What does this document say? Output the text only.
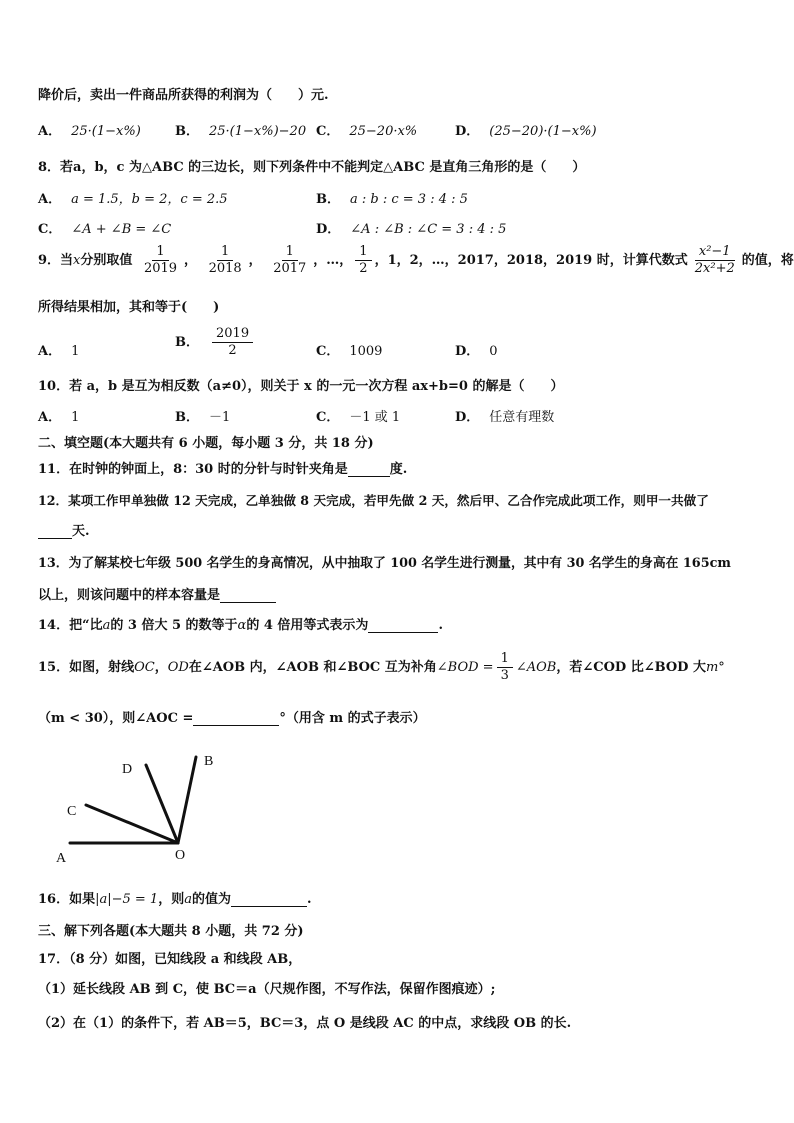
降价后，卖出一件商品所获得的利润为（　　）元.
A． 25·(1−x%)	B． 25·(1−x%)−20 C． 25−20·x%	D． (25−20)·(1−x%)
8．若a，b，c 为△ABC 的三边长，则下列条件中不能判定△ABC 是直角三角形的是（　　）
A． a = 1.5，b = 2，c = 2.5	B． a : b : c = 3 : 4 : 5
C． ∠A + ∠B = ∠C	D． ∠A : ∠B : ∠C = 3 : 4 : 5
9．当x分别取值 $\frac{1}{2019}$ ， $\frac{1}{2018}$ ， $\frac{1}{2017}$ ，…， $\frac{1}{2}$ ，1，2，…，2017，2018，2019 时，计算代数式 $\frac{\text{x²−1}}{\text{2x²+2}}$ 的值，将
所得结果相加，其和等于(　　)
A． 1
B． $\frac{2019}{2}$	C． 1009	D． 0
10．若 a，b 是互为相反数（a≠0），则关于 x 的一元一次方程 ax+b=0 的解是（　　）
A． 1	B． －1	C． －1 或 1	D． 任意有理数
二、填空题(本大题共有 6 小题，每小题 3 分，共 18 分)
11．在时钟的钟面上，8：30 时的分针与时针夹角是	度.
12．某项工作甲单独做 12 天完成，乙单独做 8 天完成，若甲先做 2 天，然后甲、乙合作完成此项工作，则甲一共做了
天.
13．为了解某校七年级 500 名学生的身高情况，从中抽取了 100 名学生进行测量，其中有 30 名学生的身高在 165cm
以上，则该问题中的样本容量是
14．把“比a的 3 倍大 5 的数等于α的 4 倍用等式表示为	.
15．如图，射线OC，OD在∠AOB 内，∠AOB 和∠BOC 互为补角∠BOD = $\frac{1}{3}$ ∠AOB，若∠COD 比∠BOD 大m°
（m < 30），则∠AOC =	°（用含 m 的式子表示）
A
C
D
B
O
16．如果|a|−5 = 1，则a的值为	.
三、解下列各题(本大题共 8 小题，共 72 分)
17．（8 分）如图，已知线段 a 和线段 AB，
（1）延长线段 AB 到 C，使 BC＝a（尺规作图，不写作法，保留作图痕迹）;
（2）在（1）的条件下，若 AB＝5，BC＝3，点 O 是线段 AC 的中点，求线段 OB 的长.
